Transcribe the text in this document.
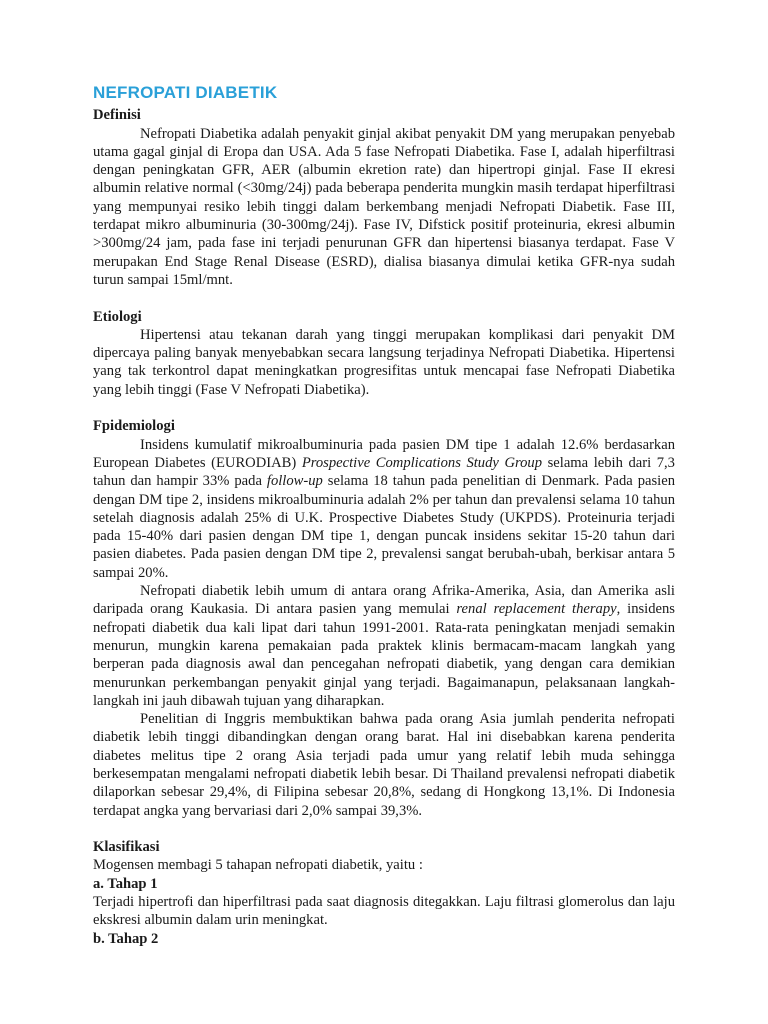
NEFROPATI DIABETIK

Definisi

Nefropati Diabetika adalah penyakit ginjal akibat penyakit DM yang merupakan penyebab utama gagal ginjal di Eropa dan USA. Ada 5 fase Nefropati Diabetika. Fase I, adalah hiperfiltrasi dengan peningkatan GFR, AER (albumin ekretion rate) dan hipertropi ginjal. Fase II ekresi albumin relative normal (<30mg/24j) pada beberapa penderita mungkin masih terdapat hiperfiltrasi yang mempunyai resiko lebih tinggi dalam berkembang menjadi Nefropati Diabetik. Fase III, terdapat mikro albuminuria (30-300mg/24j). Fase IV, Difstick positif proteinuria, ekresi albumin >300mg/24 jam, pada fase ini terjadi penurunan GFR dan hipertensi biasanya terdapat. Fase V merupakan End Stage Renal Disease (ESRD), dialisa biasanya dimulai ketika GFR-nya sudah turun sampai 15ml/mnt.

Etiologi

Hipertensi atau tekanan darah yang tinggi merupakan komplikasi dari penyakit DM dipercaya paling banyak menyebabkan secara langsung terjadinya Nefropati Diabetika. Hipertensi yang tak terkontrol dapat meningkatkan progresifitas untuk mencapai fase Nefropati Diabetika yang lebih tinggi (Fase V Nefropati Diabetika).

Fpidemiologi

Insidens kumulatif mikroalbuminuria pada pasien DM tipe 1 adalah 12.6% berdasarkan European Diabetes (EURODIAB) Prospective Complications Study Group selama lebih dari 7,3 tahun dan hampir 33% pada follow-up selama 18 tahun pada penelitian di Denmark. Pada pasien dengan DM tipe 2, insidens mikroalbuminuria adalah 2% per tahun dan prevalensi selama 10 tahun setelah diagnosis adalah 25% di U.K. Prospective Diabetes Study (UKPDS). Proteinuria terjadi pada 15-40% dari pasien dengan DM tipe 1, dengan puncak insidens sekitar 15-20 tahun dari pasien diabetes. Pada pasien dengan DM tipe 2, prevalensi sangat berubah-ubah, berkisar antara 5 sampai 20%.

Nefropati diabetik lebih umum di antara orang Afrika-Amerika, Asia, dan Amerika asli daripada orang Kaukasia. Di antara pasien yang memulai renal replacement therapy, insidens nefropati diabetik dua kali lipat dari tahun 1991-2001. Rata-rata peningkatan menjadi semakin menurun, mungkin karena pemakaian pada praktek klinis bermacam-macam langkah yang berperan pada diagnosis awal dan pencegahan nefropati diabetik, yang dengan cara demikian menurunkan perkembangan penyakit ginjal yang terjadi. Bagaimanapun, pelaksanaan langkah-langkah ini jauh dibawah tujuan yang diharapkan.

Penelitian di Inggris membuktikan bahwa pada orang Asia jumlah penderita nefropati diabetik lebih tinggi dibandingkan dengan orang barat. Hal ini disebabkan karena penderita diabetes melitus tipe 2 orang Asia terjadi pada umur yang relatif lebih muda sehingga berkesempatan mengalami nefropati diabetik lebih besar. Di Thailand prevalensi nefropati diabetik dilaporkan sebesar 29,4%, di Filipina sebesar 20,8%, sedang di Hongkong 13,1%. Di Indonesia terdapat angka yang bervariasi dari 2,0% sampai 39,3%.

Klasifikasi

Mogensen membagi 5 tahapan nefropati diabetik, yaitu :

a. Tahap 1

Terjadi hipertrofi dan hiperfiltrasi pada saat diagnosis ditegakkan. Laju filtrasi glomerolus dan laju ekskresi albumin dalam urin meningkat.

b. Tahap 2
